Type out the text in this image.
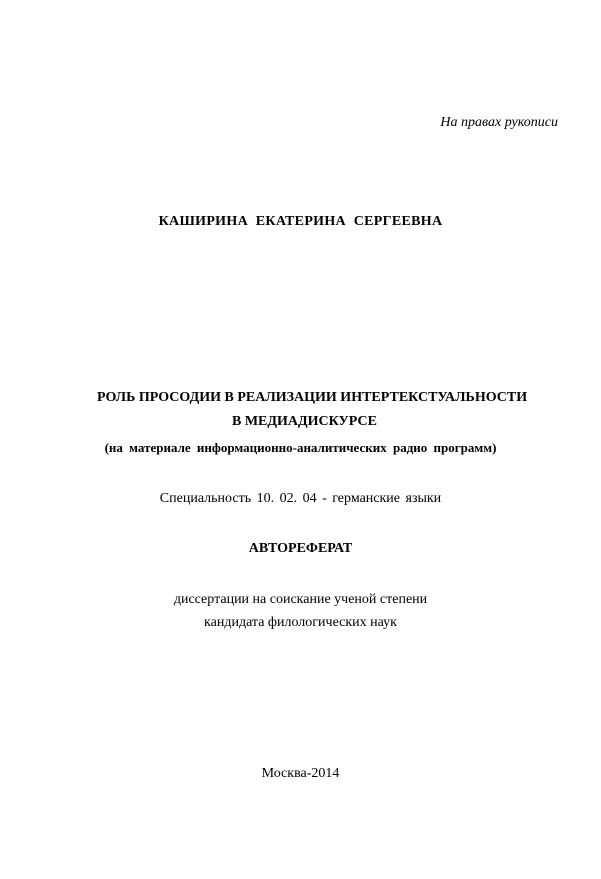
На правах рукописи
КАШИРИНА ЕКАТЕРИНА СЕРГЕЕВНА
РОЛЬ ПРОСОДИИ В РЕАЛИЗАЦИИ ИНТЕРТЕКСТУАЛЬНОСТИ
В МЕДИАДИСКУРСЕ
(на материале информационно-аналитических радио программ)
Специальность 10. 02. 04 - германские языки
АВТОРЕФЕРАТ
диссертации на соискание ученой степени
кандидата филологических наук
Москва-2014
